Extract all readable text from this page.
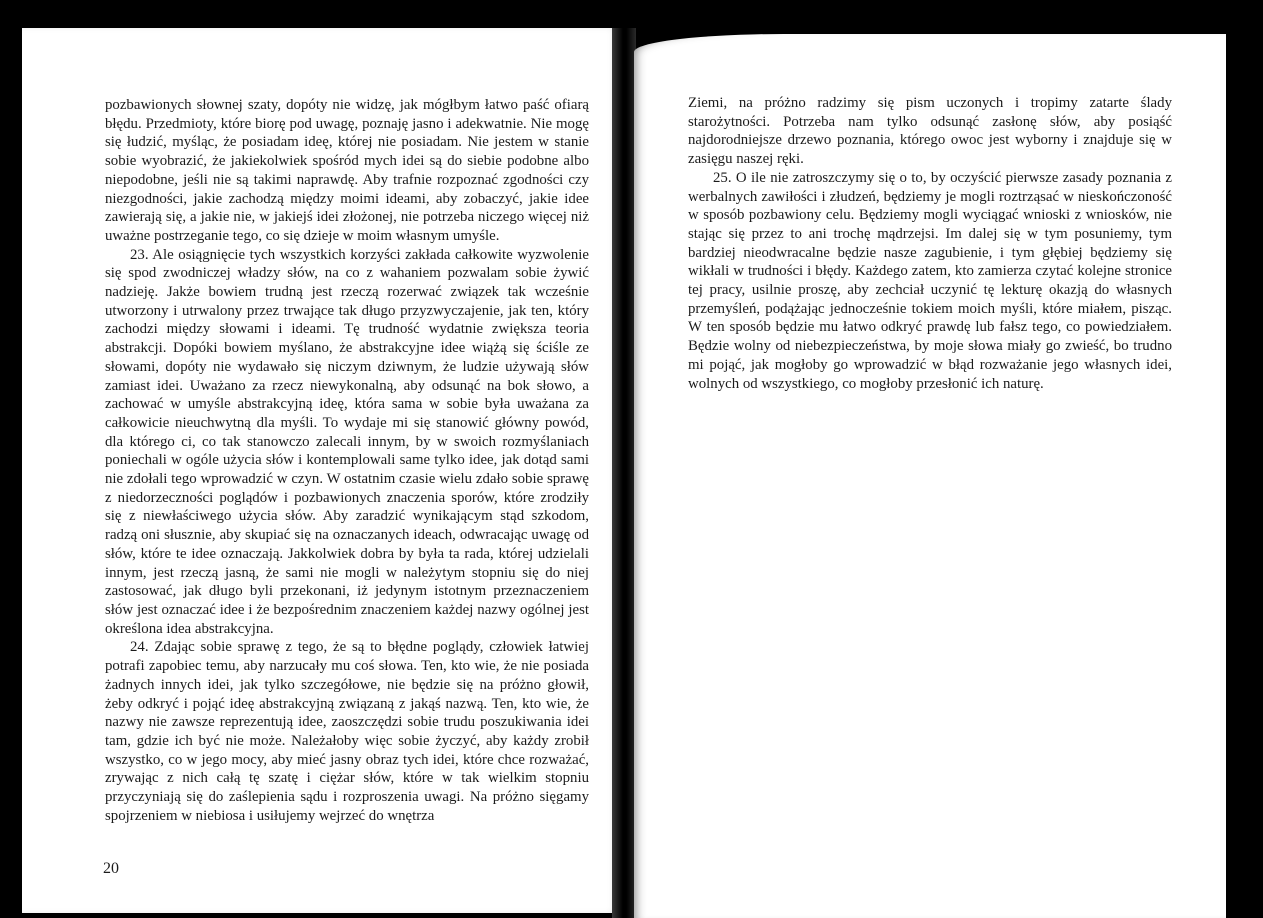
pozbawionych słownej szaty, dopóty nie widzę, jak mógłbym łatwo paść ofiarą błędu. Przedmioty, które biorę pod uwagę, poznaję jasno i adekwatnie. Nie mogę się łudzić, myśląc, że posiadam ideę, której nie posiadam. Nie jestem w stanie sobie wyobrazić, że jakiekolwiek spośród mych idei są do siebie podobne albo niepodobne, jeśli nie są takimi naprawdę. Aby trafnie rozpoznać zgodności czy niezgodności, jakie zachodzą między moimi ideami, aby zobaczyć, jakie idee zawierają się, a jakie nie, w jakiejś idei złożonej, nie potrzeba niczego więcej niż uważne postrzeganie tego, co się dzieje w moim własnym umyśle.

23. Ale osiągnięcie tych wszystkich korzyści zakłada całkowite wyzwolenie się spod zwodniczej władzy słów, na co z wahaniem pozwalam sobie żywić nadzieję. Jakże bowiem trudną jest rzeczą rozerwać związek tak wcześnie utworzony i utrwalony przez trwające tak długo przyzwyczajenie, jak ten, który zachodzi między słowami i ideami. Tę trudność wydatnie zwiększa teoria abstrakcji. Dopóki bowiem myślano, że abstrakcyjne idee wiążą się ściśle ze słowami, dopóty nie wydawało się niczym dziwnym, że ludzie używają słów zamiast idei. Uważano za rzecz niewykonalną, aby odsunąć na bok słowo, a zachować w umyśle abstrakcyjną ideę, która sama w sobie była uważana za całkowicie nieuchwytną dla myśli. To wydaje mi się stanowić główny powód, dla którego ci, co tak stanowczo zalecali innym, by w swoich rozmyślaniach poniechali w ogóle użycia słów i kontemplowali same tylko idee, jak dotąd sami nie zdołali tego wprowadzić w czyn. W ostatnim czasie wielu zdało sobie sprawę z niedorzeczności poglądów i pozbawionych znaczenia sporów, które zrodziły się z niewłaściwego użycia słów. Aby zaradzić wynikającym stąd szkodom, radzą oni słusznie, aby skupiać się na oznaczanych ideach, odwracając uwagę od słów, które te idee oznaczają. Jakkolwiek dobra by była ta rada, której udzielali innym, jest rzeczą jasną, że sami nie mogli w należytym stopniu się do niej zastosować, jak długo byli przekonani, iż jedynym istotnym przeznaczeniem słów jest oznaczać idee i że bezpośrednim znaczeniem każdej nazwy ogólnej jest określona idea abstrakcyjna.

24. Zdając sobie sprawę z tego, że są to błędne poglądy, człowiek łatwiej potrafi zapobiec temu, aby narzucały mu coś słowa. Ten, kto wie, że nie posiada żadnych innych idei, jak tylko szczegółowe, nie będzie się na próżno głowił, żeby odkryć i pojąć ideę abstrakcyjną związaną z jakąś nazwą. Ten, kto wie, że nazwy nie zawsze reprezentują idee, zaoszczędzi sobie trudu poszukiwania idei tam, gdzie ich być nie może. Należałoby więc sobie życzyć, aby każdy zrobił wszystko, co w jego mocy, aby mieć jasny obraz tych idei, które chce rozważać, zrywając z nich całą tę szatę i ciężar słów, które w tak wielkim stopniu przyczyniają się do zaślepienia sądu i rozproszenia uwagi. Na próżno sięgamy spojrzeniem w niebiosa i usiłujemy wejrzeć do wnętrza

20

Ziemi, na próżno radzimy się pism uczonych i tropimy zatarte ślady starożytności. Potrzeba nam tylko odsunąć zasłonę słów, aby posiąść najdorodniejsze drzewo poznania, którego owoc jest wyborny i znajduje się w zasięgu naszej ręki.

25. O ile nie zatroszczymy się o to, by oczyścić pierwsze zasady poznania z werbalnych zawiłości i złudzeń, będziemy je mogli roztrząsać w nieskończoność w sposób pozbawiony celu. Będziemy mogli wyciągać wnioski z wniosków, nie stając się przez to ani trochę mądrzejsi. Im dalej się w tym posuniemy, tym bardziej nieodwracalne będzie nasze zagubienie, i tym głębiej będziemy się wikłali w trudności i błędy. Każdego zatem, kto zamierza czytać kolejne stronice tej pracy, usilnie proszę, aby zechciał uczynić tę lekturę okazją do własnych przemyśleń, podążając jednocześnie tokiem moich myśli, które miałem, pisząc. W ten sposób będzie mu łatwo odkryć prawdę lub fałsz tego, co powiedziałem. Będzie wolny od niebezpieczeństwa, by moje słowa miały go zwieść, bo trudno mi pojąć, jak mogłoby go wprowadzić w błąd rozważanie jego własnych idei, wolnych od wszystkiego, co mogłoby przesłonić ich naturę.
